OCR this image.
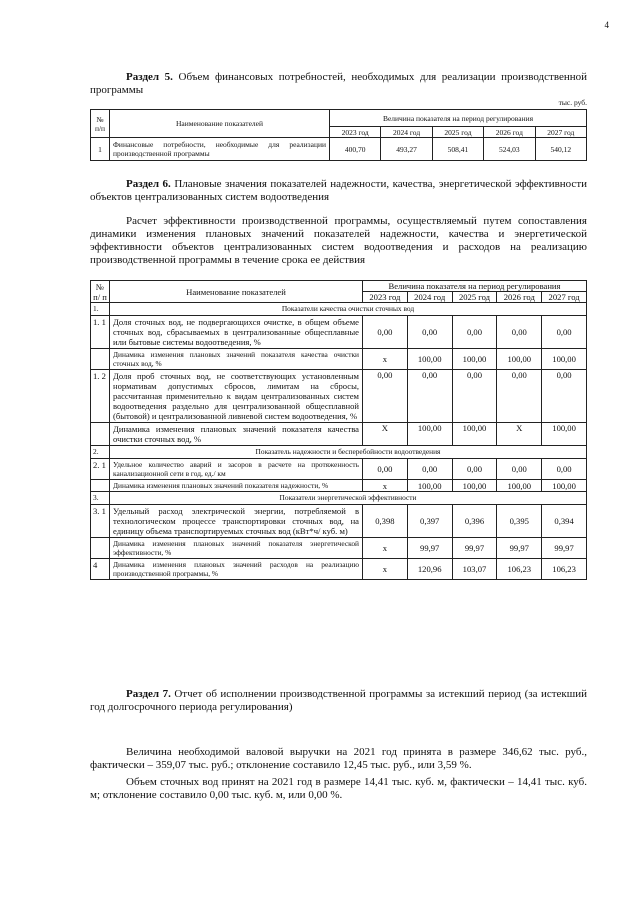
4
Раздел 5. Объем финансовых потребностей, необходимых для реализации производственной программы
тыс. руб.
№ п/п	Наименование показателей	Величина показателя на период регулирования				
		2023 год	2024 год	2025 год	2026 год	2027 год
1	Финансовые потребности, необходимые для реализации производственной программы	400,70	493,27	508,41	524,03	540,12
Раздел 6. Плановые значения показателей надежности, качества, энергетической эффективности объектов централизованных систем водоотведения
Расчет эффективности производственной программы, осуществляемый путем сопоставления динамики изменения плановых значений показателей надежности, качества и энергетической эффективности объектов централизованных систем водоотведения и расходов на реализацию производственной программы в течение срока ее действия
№ п/ п	Наименование показателей	Величина показателя на период регулирования				
		2023 год	2024 год	2025 год	2026 год	2027 год
1.	Показатели качества очистки сточных вод					
1. 1	Доля сточных вод, не подвергающихся очистке, в общем объеме сточных вод, сбрасываемых в централизованные общесплавные или бытовые системы водоотведения, %	0,00	0,00	0,00	0,00	0,00
	Динамика изменения плановых значений показателя качества очистки сточных вод, %	x	100,00	100,00	100,00	100,00
1. 2	Доля проб сточных вод, не соответствующих установленным нормативам допустимых сбросов, лимитам на сбросы, рассчитанная применительно к видам централизованных систем водоотведения раздельно для централизованной общесплавной (бытовой) и централизованной ливневой систем водоотведения, %	0,00	0,00	0,00	0,00	0,00
	Динамика изменения плановых значений показателя качества очистки сточных вод, %	X	100,00	100,00	X	100,00
2.	Показатель надежности и бесперебойности водоотведения					
2. 1	Удельное количество аварий и засоров в расчете на протяженность канализационной сети в год, ед./ км	0,00	0,00	0,00	0,00	0,00
	Динамика изменения плановых значений показателя надежности, %	x	100,00	100,00	100,00	100,00
3.	Показатели энергетической эффективности					
3. 1	Удельный расход электрической энергии, потребляемой в технологическом процессе транспортировки сточных вод, на единицу объема транспортируемых сточных вод (кВт*ч/ куб. м)	0,398	0,397	0,396	0,395	0,394
	Динамика изменения плановых значений показателя энергетической эффективности, %	x	99,97	99,97	99,97	99,97
4	Динамика изменения плановых значений расходов на реализацию производственной программы, %	x	120,96	103,07	106,23	106,23
Раздел 7. Отчет об исполнении производственной программы за истекший период (за истекший год долгосрочного периода регулирования)
Величина необходимой валовой выручки на 2021 год принята в размере 346,62 тыс. руб., фактически – 359,07 тыс. руб.; отклонение составило 12,45 тыс. руб., или 3,59 %.
Объем сточных вод принят на 2021 год в размере 14,41 тыс. куб. м, фактически – 14,41 тыс. куб. м; отклонение составило 0,00 тыс. куб. м, или 0,00 %.
